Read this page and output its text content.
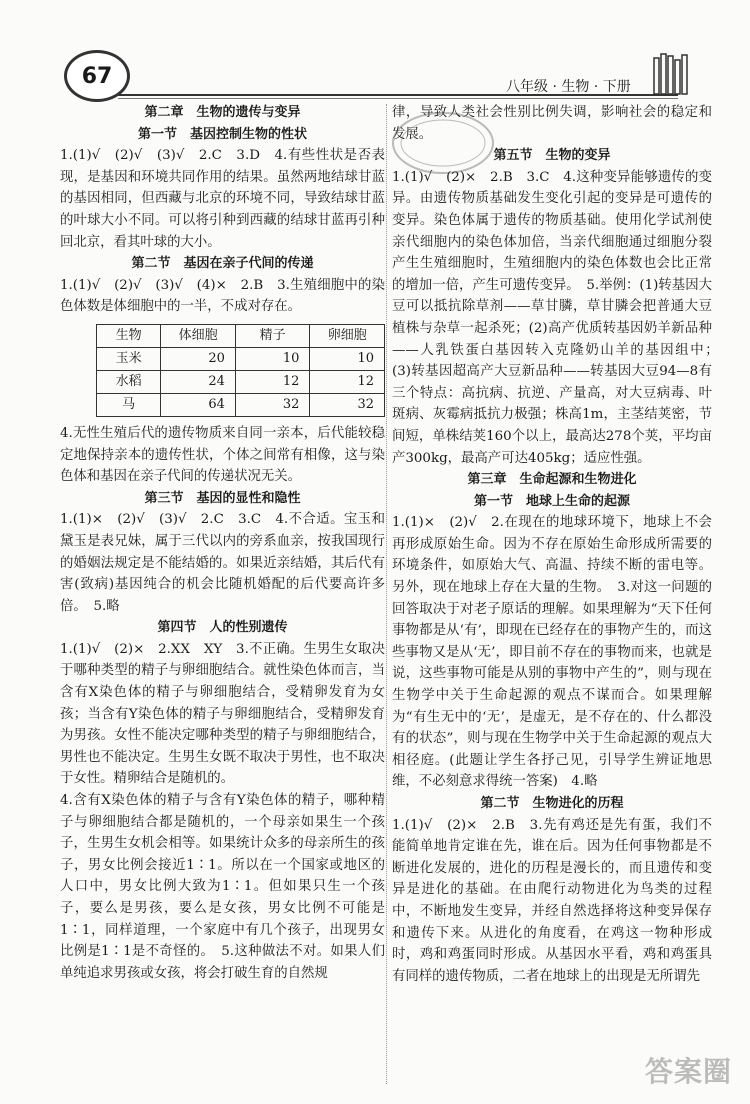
67	八年级 · 生物 · 下册
第二章　生物的遗传与变异
第一节　基因控制生物的性状

1.(1)√　(2)√　(3)√　2.C　3.D　4.有些性状是否表现，是基因和环境共同作用的结果。虽然两地结球甘蓝的基因相同，但西藏与北京的环境不同，导致结球甘蓝的叶球大小不同。可以将引种到西藏的结球甘蓝再引种回北京，看其叶球的大小。

第二节　基因在亲子代间的传递

1.(1)√　(2)√　(3)√　(4)×　2.B　3.生殖细胞中的染色体数是体细胞中的一半，不成对存在。

生物	体细胞	精子	卵细胞
玉米	20	10	10
水稻	24	12	12
马	64	32	32

4.无性生殖后代的遗传物质来自同一亲本，后代能较稳定地保持亲本的遗传性状，个体之间常有相像，这与染色体和基因在亲子代间的传递状况无关。

第三节　基因的显性和隐性

1.(1)×　(2)√　(3)√　2.C　3.C　4.不合适。宝玉和黛玉是表兄妹，属于三代以内的旁系血亲，按我国现行的婚姻法规定是不能结婚的。如果近亲结婚，其后代有害(致病)基因纯合的机会比随机婚配的后代要高许多倍。　5.略

第四节　人的性别遗传

1.(1)√　(2)×　2.XX　XY　3.不正确。生男生女取决于哪种类型的精子与卵细胞结合。就性染色体而言，当含有X染色体的精子与卵细胞结合，受精卵发育为女孩；当含有Y染色体的精子与卵细胞结合，受精卵发育为男孩。女性不能决定哪种类型的精子与卵细胞结合，男性也不能决定。生男生女既不取决于男性，也不取决于女性。精卵结合是随机的。

4.含有X染色体的精子与含有Y染色体的精子，哪种精子与卵细胞结合都是随机的，一个母亲如果生一个孩子，生男生女机会相等。如果统计众多的母亲所生的孩子，男女比例会接近1∶1。所以在一个国家或地区的人口中，男女比例大致为1∶1。但如果只生一个孩子，要么是男孩，要么是女孩，男女比例不可能是1∶1，同样道理，一个家庭中有几个孩子，出现男女比例是1∶1是不奇怪的。　5.这种做法不对。如果人们单纯追求男孩或女孩，将会打破生育的自然规

律，导致人类社会性别比例失调，影响社会的稳定和发展。

第五节　生物的变异

1.(1)√　(2)×　2.B　3.C　4.这种变异能够遗传的变异。由遗传物质基础发生变化引起的变异是可遗传的变异。染色体属于遗传的物质基础。使用化学试剂使亲代细胞内的染色体加倍，当亲代细胞通过细胞分裂产生生殖细胞时，生殖细胞内的染色体数也会比正常的增加一倍，产生可遗传变异。　5.举例：(1)转基因大豆可以抵抗除草剂——草甘膦，草甘膦会把普通大豆植株与杂草一起杀死；(2)高产优质转基因奶羊新品种——人乳铁蛋白基因转入克隆奶山羊的基因组中；　(3)转基因超高产大豆新品种——转基因大豆94—8有三个特点：高抗病、抗逆、产量高，对大豆病毒、叶斑病、灰霉病抵抗力极强；株高1m，主茎结荚密，节间短，单株结荚160个以上，最高达278个荚，平均亩产300kg，最高产可达405kg；适应性强。

第三章　生命起源和生物进化
第一节　地球上生命的起源

1.(1)×　(2)√　2.在现在的地球环境下，地球上不会再形成原始生命。因为不存在原始生命形成所需要的环境条件，如原始大气、高温、持续不断的雷电等。另外，现在地球上存在大量的生物。　3.对这一问题的回答取决于对老子原话的理解。如果理解为“天下任何事物都是从‘有’，即现在已经存在的事物产生的，而这些事物又是从‘无’，即目前不存在的事物而来，也就是说，这些事物可能是从别的事物中产生的”，则与现在生物学中关于生命起源的观点不谋而合。如果理解为“有生无中的‘无’，是虚无，是不存在的、什么都没有的状态”，则与现在生物学中关于生命起源的观点大相径庭。(此题让学生各抒己见，引导学生辨证地思维，不必刻意求得统一答案)　4.略

第二节　生物进化的历程

1.(1)√　(2)×　2.B　3.先有鸡还是先有蛋，我们不能简单地肯定谁在先，谁在后。因为任何事物都是不断进化发展的，进化的历程是漫长的，而且遗传和变异是进化的基础。在由爬行动物进化为鸟类的过程中，不断地发生变异，并经自然选择将这种变异保存和遗传下来。从进化的角度看，在鸡这一物种形成时，鸡和鸡蛋同时形成。从基因水平看，鸡和鸡蛋具有同样的遗传物质，二者在地球上的出现是无所谓先

答案圈
